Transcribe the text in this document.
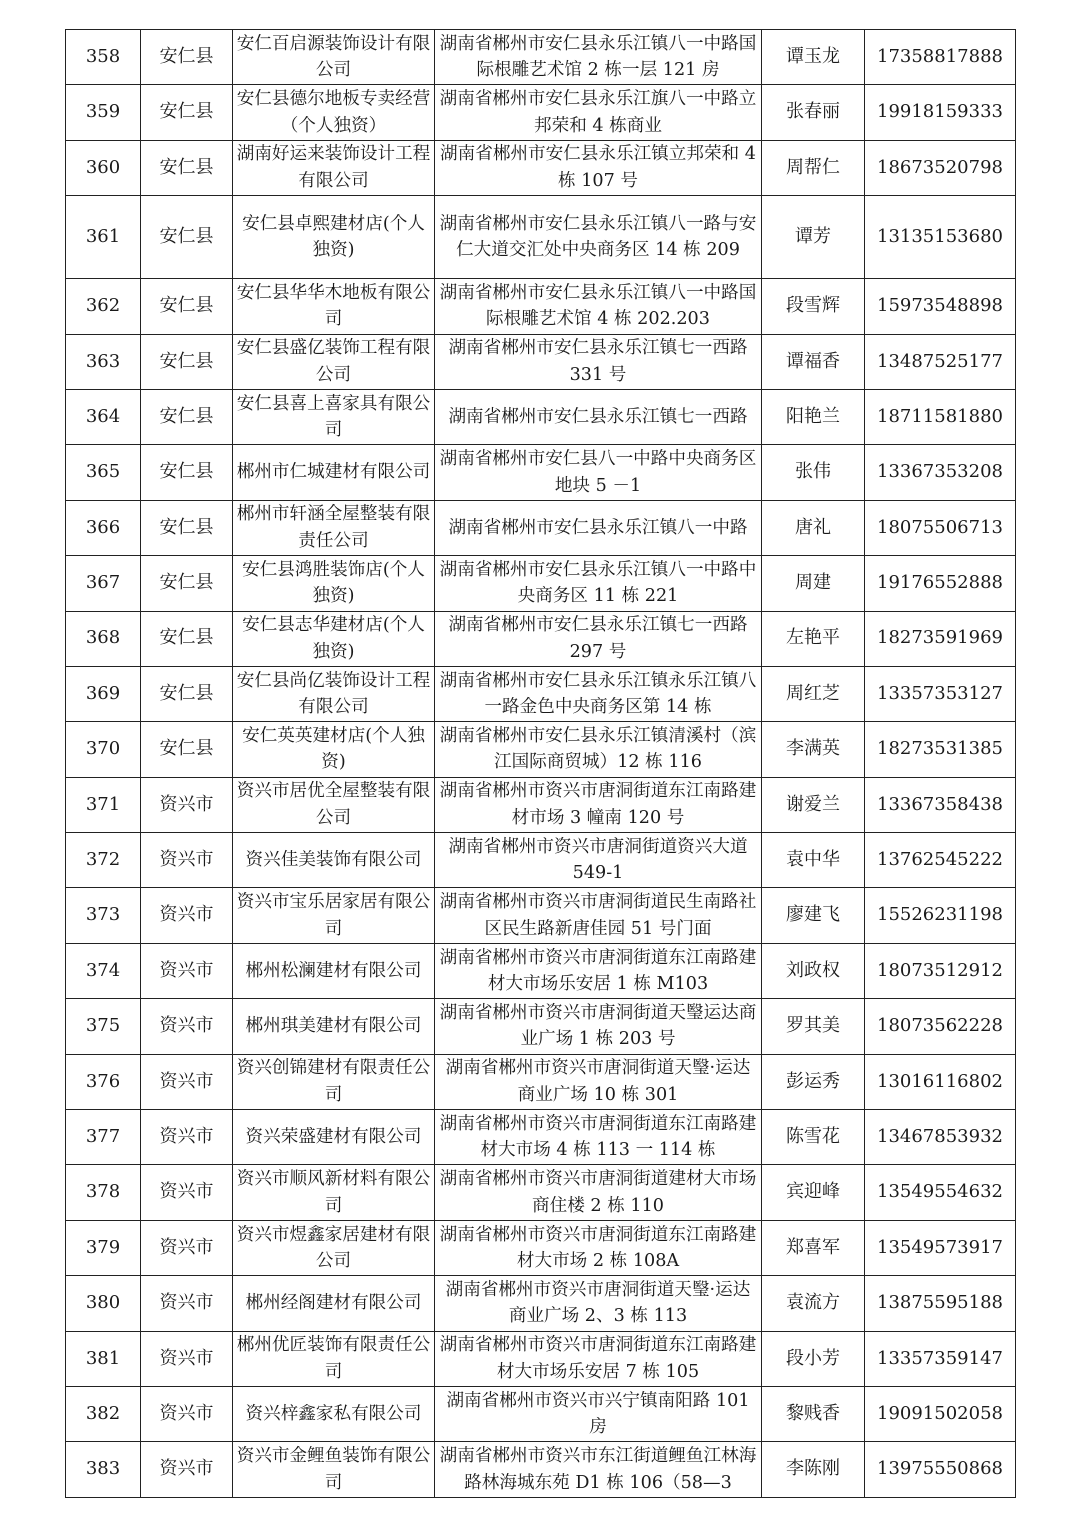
358	安仁县	安仁百启源装饰设计有限公司	湖南省郴州市安仁县永乐江镇八一中路国际根雕艺术馆 2 栋一层 121 房	谭玉龙	17358817888
359	安仁县	安仁县德尔地板专卖经营（个人独资）	湖南省郴州市安仁县永乐江旗八一中路立邦荣和 4 栋商业	张春丽	19918159333
360	安仁县	湖南好运来装饰设计工程有限公司	湖南省郴州市安仁县永乐江镇立邦荣和 4 栋 107 号	周帮仁	18673520798
361	安仁县	安仁县卓熙建材店(个人独资)	湖南省郴州市安仁县永乐江镇八一路与安仁大道交汇处中央商务区 14 栋 209	谭芳	13135153680
362	安仁县	安仁县华华木地板有限公司	湖南省郴州市安仁县永乐江镇八一中路国际根雕艺术馆 4 栋 202.203	段雪辉	15973548898
363	安仁县	安仁县盛亿装饰工程有限公司	湖南省郴州市安仁县永乐江镇七一西路 331 号	谭福香	13487525177
364	安仁县	安仁县喜上喜家具有限公司	湖南省郴州市安仁县永乐江镇七一西路	阳艳兰	18711581880
365	安仁县	郴州市仁城建材有限公司	湖南省郴州市安仁县八一中路中央商务区地块 5 －1	张伟	13367353208
366	安仁县	郴州市轩涵全屋整装有限责任公司	湖南省郴州市安仁县永乐江镇八一中路	唐礼	18075506713
367	安仁县	安仁县鸿胜装饰店(个人独资)	湖南省郴州市安仁县永乐江镇八一中路中央商务区 11 栋 221	周建	19176552888
368	安仁县	安仁县志华建材店(个人独资)	湖南省郴州市安仁县永乐江镇七一西路 297 号	左艳平	18273591969
369	安仁县	安仁县尚亿装饰设计工程有限公司	湖南省郴州市安仁县永乐江镇永乐江镇八一路金色中央商务区第 14 栋	周红芝	13357353127
370	安仁县	安仁英英建材店(个人独资)	湖南省郴州市安仁县永乐江镇清溪村（滨江国际商贸城）12 栋 116	李满英	18273531385
371	资兴市	资兴市居优全屋整装有限公司	湖南省郴州市资兴市唐洞街道东江南路建材市场 3 幢南 120 号	谢爱兰	13367358438
372	资兴市	资兴佳美装饰有限公司	湖南省郴州市资兴市唐洞街道资兴大道 549-1	袁中华	13762545222
373	资兴市	资兴市宝乐居家居有限公司	湖南省郴州市资兴市唐洞街道民生南路社区民生路新唐佳园 51 号门面	廖建飞	15526231198
374	资兴市	郴州松澜建材有限公司	湖南省郴州市资兴市唐洞街道东江南路建材大市场乐安居 1 栋 M103	刘政权	18073512912
375	资兴市	郴州琪美建材有限公司	湖南省郴州市资兴市唐洞街道天瑿运达商业广场 1 栋 203 号	罗其美	18073562228
376	资兴市	资兴创锦建材有限责任公司	湖南省郴州市资兴市唐洞街道天瑿·运达商业广场 10 栋 301	彭运秀	13016116802
377	资兴市	资兴荣盛建材有限公司	湖南省郴州市资兴市唐洞街道东江南路建材大市场 4 栋 113 一 114 栋	陈雪花	13467853932
378	资兴市	资兴市顺风新材料有限公司	湖南省郴州市资兴市唐洞街道建材大市场商住楼 2 栋 110	宾迎峰	13549554632
379	资兴市	资兴市煜鑫家居建材有限公司	湖南省郴州市资兴市唐洞街道东江南路建材大市场 2 栋 108A	郑喜军	13549573917
380	资兴市	郴州经阁建材有限公司	湖南省郴州市资兴市唐洞街道天瑿·运达商业广场 2、3 栋 113	袁流方	13875595188
381	资兴市	郴州优匠装饰有限责任公司	湖南省郴州市资兴市唐洞街道东江南路建材大市场乐安居 7 栋 105	段小芳	13357359147
382	资兴市	资兴梓鑫家私有限公司	湖南省郴州市资兴市兴宁镇南阳路 101 房	黎贱香	19091502058
383	资兴市	资兴市金鲤鱼装饰有限公司	湖南省郴州市资兴市东江街道鲤鱼江林海路林海城东苑 D1 栋 106（58—3	李陈刚	13975550868
